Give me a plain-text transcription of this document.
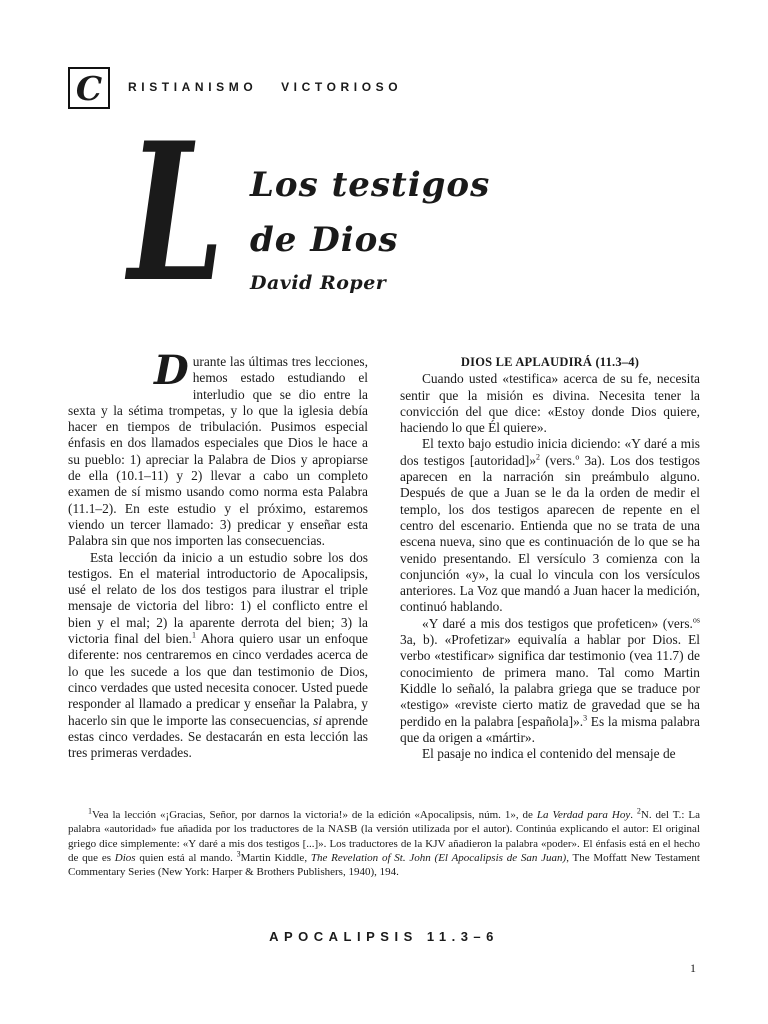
C RISTIANISMO   VICTORIOSO
L Los testigos
de Dios
David Roper

Durante las últimas tres lecciones, hemos estado estudiando el interludio que se dio entre la sexta y la sétima trompetas, y lo que la iglesia debía hacer en tiempos de tribulación. Pusimos especial énfasis en dos llamados especiales que Dios le hace a su pueblo: 1) apreciar la Palabra de Dios y apropiarse de ella (10.1–11) y 2) llevar a cabo un completo examen de sí mismo usando como norma esta Palabra (11.1–2). En este estudio y el próximo, estaremos viendo un tercer llamado: 3) predicar y enseñar esta Palabra sin que nos importen las consecuencias.

Esta lección da inicio a un estudio sobre los dos testigos. En el material introductorio de Apocalipsis, usé el relato de los dos testigos para ilustrar el triple mensaje de victoria del libro: 1) el conflicto entre el bien y el mal; 2) la aparente derrota del bien; 3) la victoria final del bien.$^1$ Ahora quiero usar un enfoque diferente: nos centraremos en cinco verdades acerca de lo que les sucede a los que dan testimonio de Dios, cinco verdades que usted necesita conocer. Usted puede responder al llamado a predicar y enseñar la Palabra, y hacerlo sin que le importe las consecuencias, si aprende estas cinco verdades. Se destacarán en esta lección las tres primeras verdades.

DIOS LE APLAUDIRÁ (11.3–4)

Cuando usted «testifica» acerca de su fe, necesita sentir que la misión es divina. Necesita tener la convicción del que dice: «Estoy donde Dios quiere, haciendo lo que Él quiere».

El texto bajo estudio inicia diciendo: «Y daré a mis dos testigos [autoridad]»$^2$ (vers.$^o$ 3a). Los dos testigos aparecen en la narración sin preámbulo alguno. Después de que a Juan se le da la orden de medir el templo, los dos testigos aparecen de repente en el centro del escenario. Entienda que no se trata de una escena nueva, sino que es continuación de lo que se ha venido presentando. El versículo 3 comienza con la conjunción «y», la cual lo vincula con los versículos anteriores. La Voz que mandó a Juan hacer la medición, continuó hablando.

«Y daré a mis dos testigos que profeticen» (vers.$^{os}$ 3a, b). «Profetizar» equivalía a hablar por Dios. El verbo «testificar» significa dar testimonio (vea 11.7) de conocimiento de primera mano. Tal como Martin Kiddle lo señaló, la palabra griega que se traduce por «testigo» «reviste cierto matiz de gravedad que se ha perdido en la palabra [española]».$^3$ Es la misma palabra que da origen a «mártir».

El pasaje no indica el contenido del mensaje de

$^1$Vea la lección «¡Gracias, Señor, por darnos la victoria!» de la edición «Apocalipsis, núm. 1», de La Verdad para Hoy. $^2$N. del T.: La palabra «autoridad» fue añadida por los traductores de la NASB (la versión utilizada por el autor). Continúa explicando el autor: El original griego dice simplemente: «Y daré a mis dos testigos [...]». Los traductores de la KJV añadieron la palabra «poder». El énfasis está en el hecho de que es Dios quien está al mando. $^3$Martin Kiddle, The Revelation of St. John (El Apocalipsis de San Juan), The Moffatt New Testament Commentary Series (New York: Harper & Brothers Publishers, 1940), 194.

APOCALIPSIS 11.3–6
1
